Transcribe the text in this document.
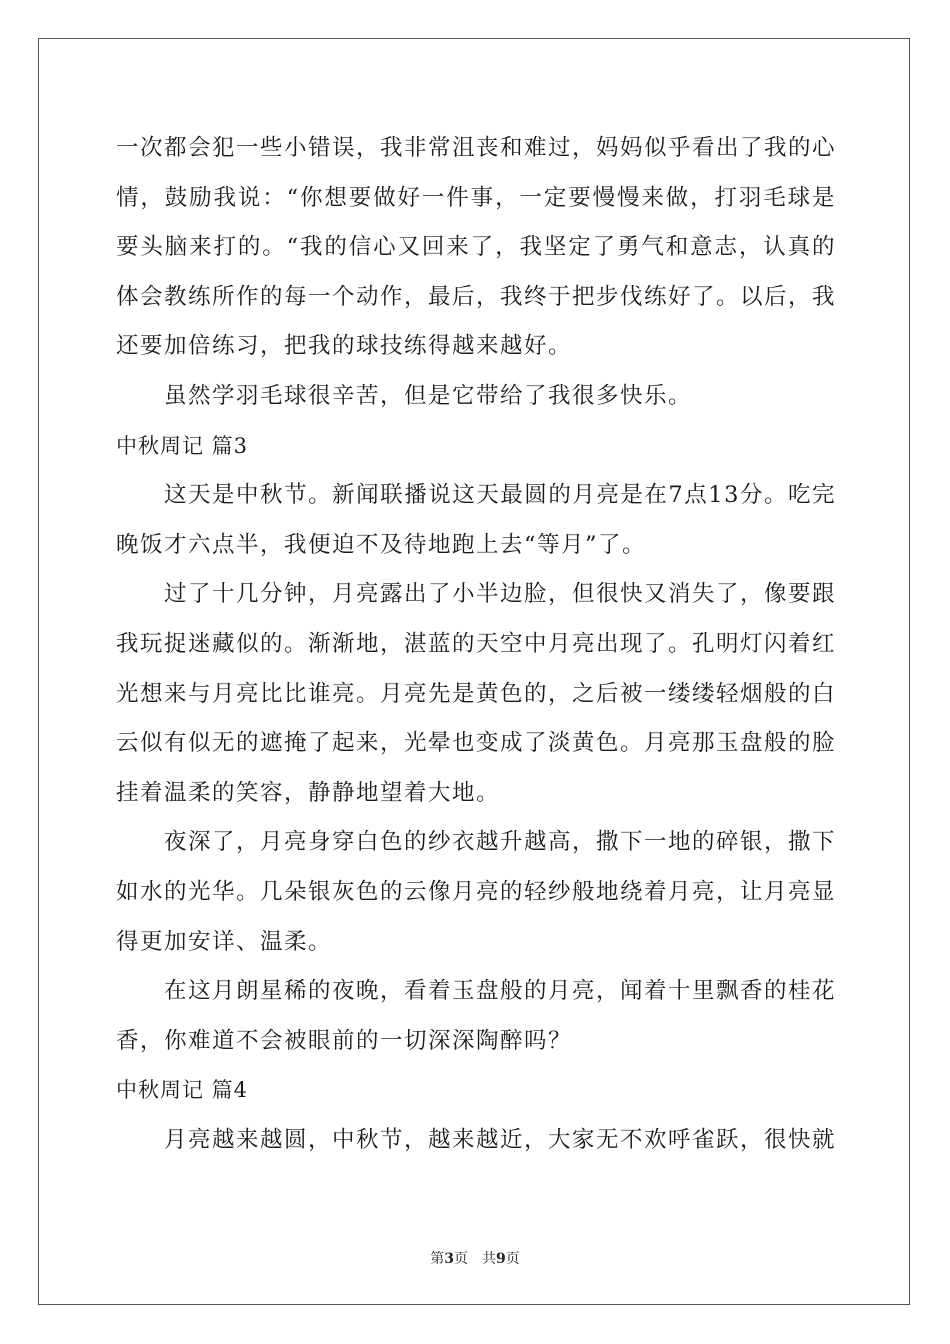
一次都会犯一些小错误，我非常沮丧和难过，妈妈似乎看出了我的心情，鼓励我说：“你想要做好一件事，一定要慢慢来做，打羽毛球是要头脑来打的。“我的信心又回来了，我坚定了勇气和意志，认真的体会教练所作的每一个动作，最后，我终于把步伐练好了。以后，我还要加倍练习，把我的球技练得越来越好。

虽然学羽毛球很辛苦，但是它带给了我很多快乐。

中秋周记 篇3

这天是中秋节。新闻联播说这天最圆的月亮是在7点13分。吃完晚饭才六点半，我便迫不及待地跑上去“等月”了。

过了十几分钟，月亮露出了小半边脸，但很快又消失了，像要跟我玩捉迷藏似的。渐渐地，湛蓝的天空中月亮出现了。孔明灯闪着红光想来与月亮比比谁亮。月亮先是黄色的，之后被一缕缕轻烟般的白云似有似无的遮掩了起来，光晕也变成了淡黄色。月亮那玉盘般的脸挂着温柔的笑容，静静地望着大地。

夜深了，月亮身穿白色的纱衣越升越高，撒下一地的碎银，撒下如水的光华。几朵银灰色的云像月亮的轻纱般地绕着月亮，让月亮显得更加安详、温柔。

在这月朗星稀的夜晚，看着玉盘般的月亮，闻着十里飘香的桂花香，你难道不会被眼前的一切深深陶醉吗？

中秋周记 篇4

月亮越来越圆，中秋节，越来越近，大家无不欢呼雀跃，很快就

第3页　共9页
